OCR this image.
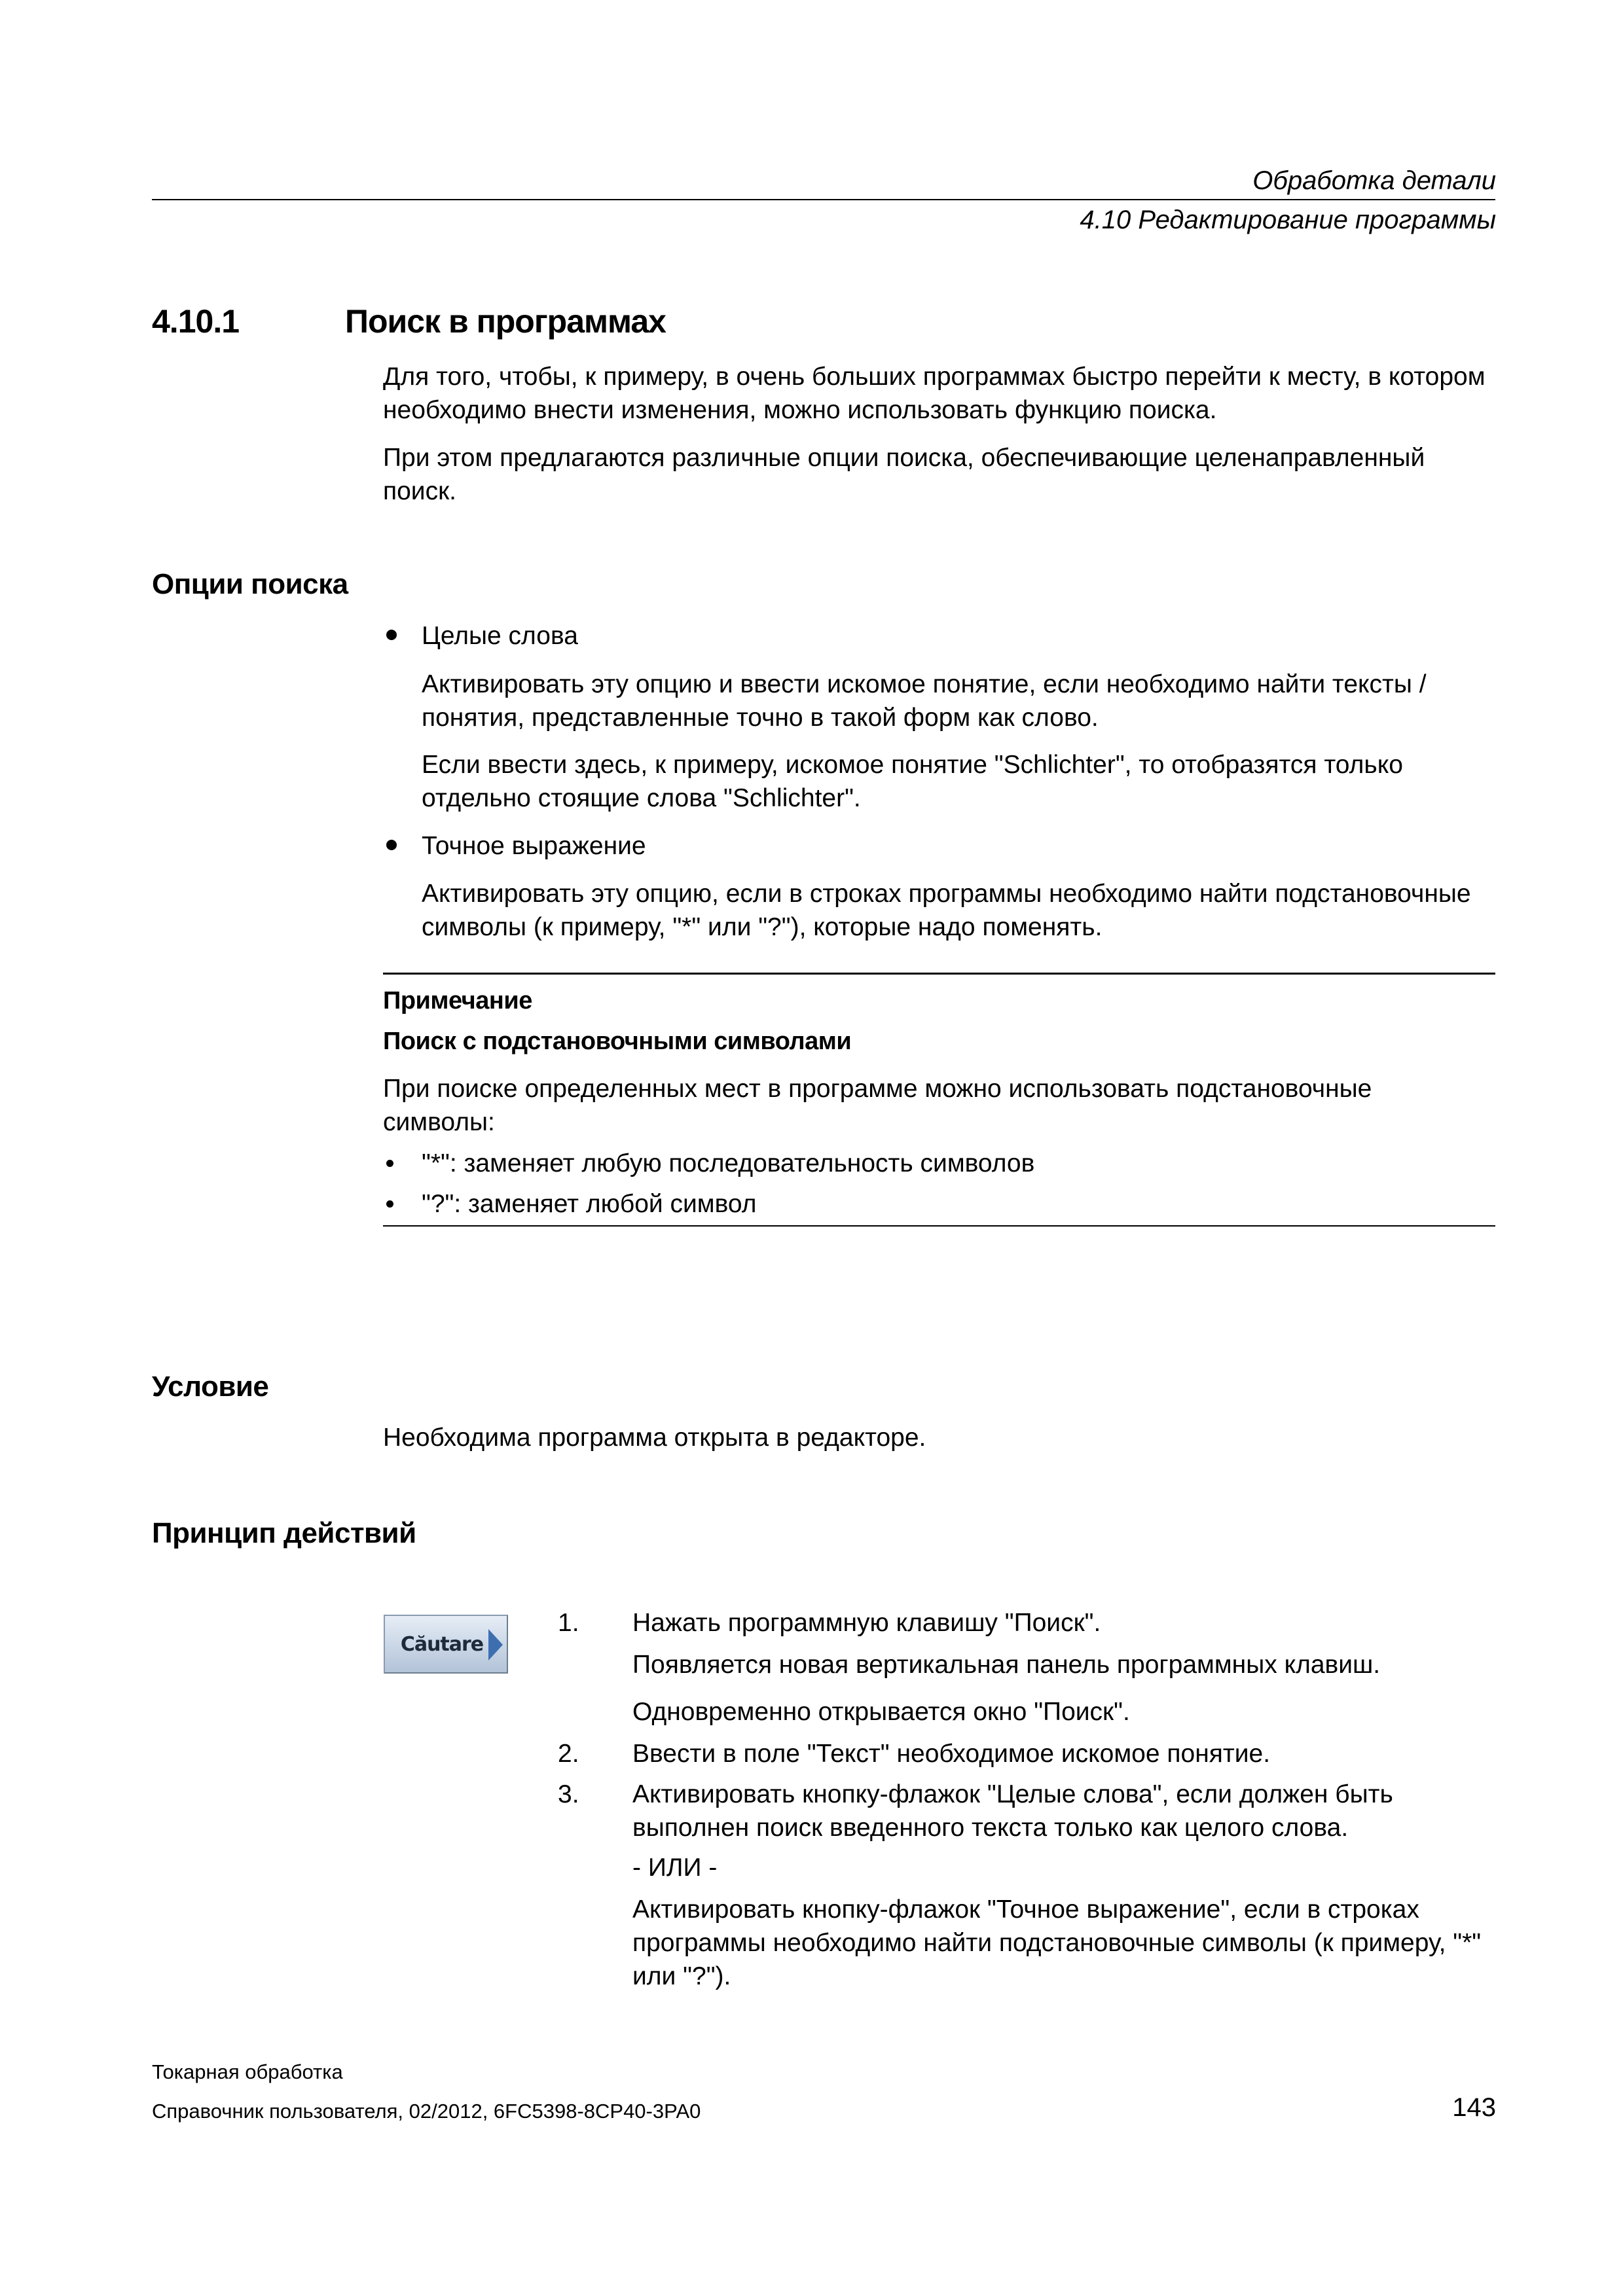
Обработка детали
4.10 Редактирование программы
4.10.1	Поиск в программах

Для того, чтобы, к примеру, в очень больших программах быстро перейти к месту, в котором необходимо внести изменения, можно использовать функцию поиска.

При этом предлагаются различные опции поиска, обеспечивающие целенаправленный поиск.

Опции поиска
Целые слова

Активировать эту опцию и ввести искомое понятие, если необходимо найти тексты / понятия, представленные точно в такой форм как слово.

Если ввести здесь, к примеру, искомое понятие "Schlichter", то отобразятся только отдельно стоящие слова "Schlichter".

Точное выражение

Активировать эту опцию, если в строках программы необходимо найти подстановочные символы (к примеру, "*" или "?"), которые надо поменять.

Примечание
Поиск с подстановочными символами

При поиске определенных мест в программе можно использовать подстановочные символы:

"*": заменяет любую последовательность символов
"?": заменяет любой символ
Условие

Необходима программа открыта в редакторе.

Принцип действий
Căutare
1. Нажать программную клавишу "Поиск".

Появляется новая вертикальная панель программных клавиш.

Одновременно открывается окно "Поиск".

2. Ввести в поле "Текст" необходимое искомое понятие.

3. Активировать кнопку-флажок "Целые слова", если должен быть выполнен поиск введенного текста только как целого слова.

- ИЛИ -

Активировать кнопку-флажок "Точное выражение", если в строках программы необходимо найти подстановочные символы (к примеру, "*" или "?").

Токарная обработка
Справочник пользователя, 02/2012, 6FC5398-8CP40-3PA0	143
